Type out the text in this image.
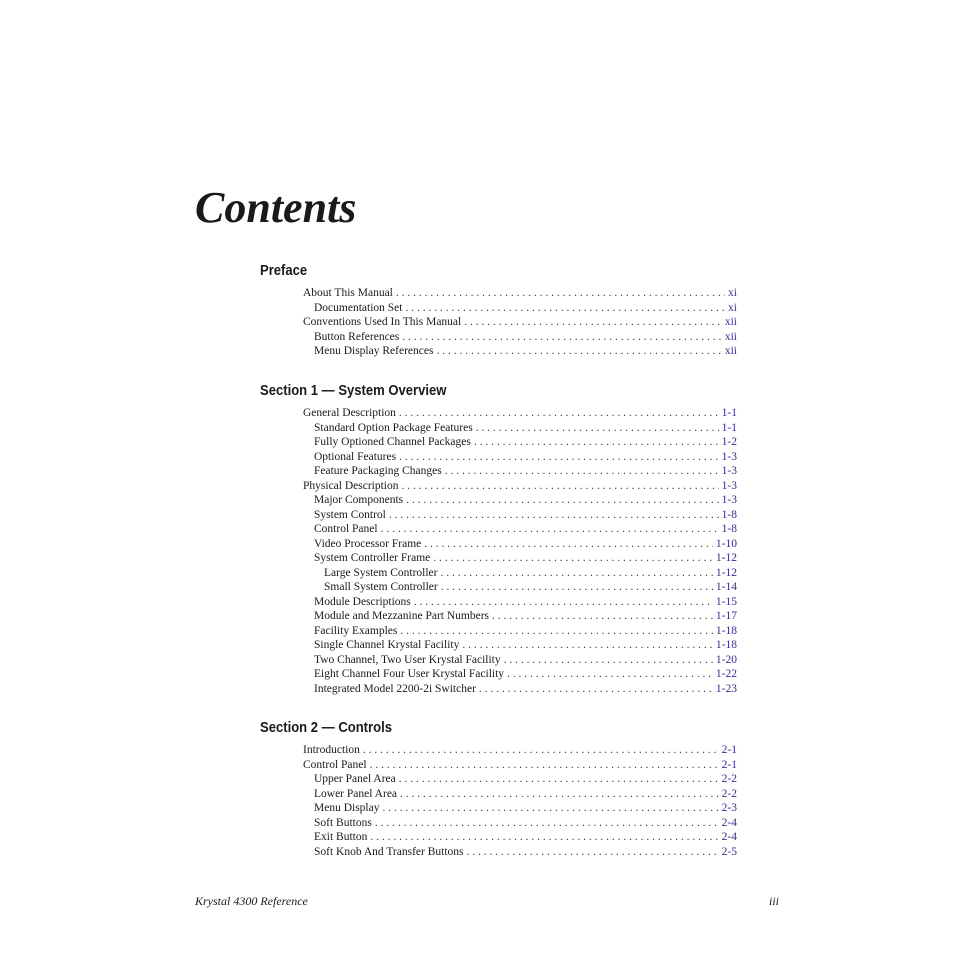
Contents
Preface
About This Manual . . .	xi
Documentation Set . . .	xi
Conventions Used In This Manual . . .	xii
Button References . . .	xii
Menu Display References . . .	xii
Section 1 — System Overview
General Description . . .	1-1
Standard Option Package Features . . .	1-1
Fully Optioned Channel Packages . . .	1-2
Optional Features . . .	1-3
Feature Packaging Changes . . .	1-3
Physical Description . . .	1-3
Major Components . . .	1-3
System Control . . .	1-8
Control Panel . . .	1-8
Video Processor Frame . . .	1-10
System Controller Frame . . .	1-12
Large System Controller . . .	1-12
Small System Controller . . .	1-14
Module Descriptions . . .	1-15
Module and Mezzanine Part Numbers . . .	1-17
Facility Examples . . .	1-18
Single Channel Krystal Facility . . .	1-18
Two Channel, Two User Krystal Facility . . .	1-20
Eight Channel Four User Krystal Facility . . .	1-22
Integrated Model 2200-2i Switcher . . .	1-23
Section 2 — Controls
Introduction . . .	2-1
Control Panel . . .	2-1
Upper Panel Area . . .	2-2
Lower Panel Area . . .	2-2
Menu Display . . .	2-3
Soft Buttons . . .	2-4
Exit Button . . .	2-4
Soft Knob And Transfer Buttons . . .	2-5
Krystal 4300 Reference	iii
